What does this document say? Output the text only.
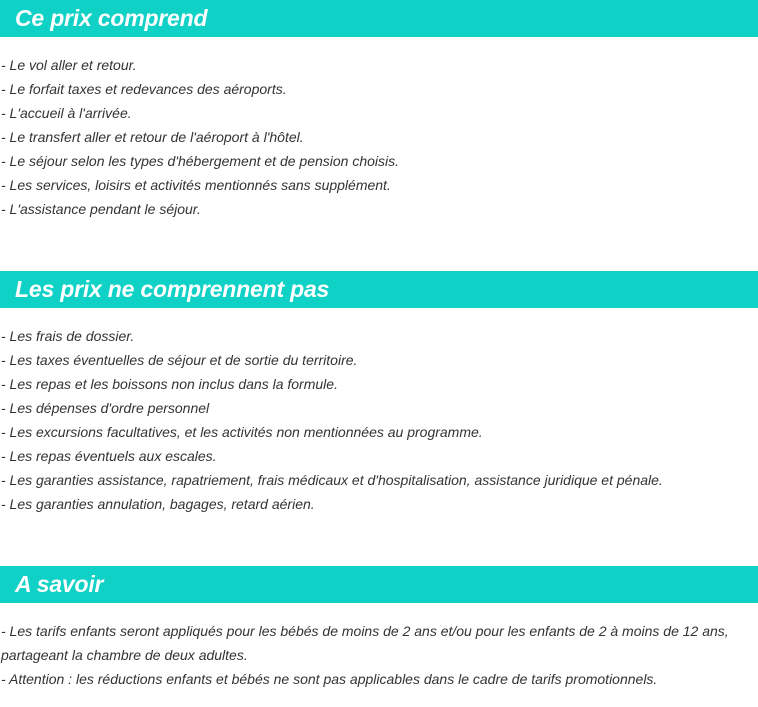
Ce prix comprend
- Le vol aller et retour.
- Le forfait taxes et redevances des aéroports.
- L'accueil à l'arrivée.
- Le transfert aller et retour de l'aéroport à l'hôtel.
- Le séjour selon les types d'hébergement et de pension choisis.
- Les services, loisirs et activités mentionnés sans supplément.
- L'assistance pendant le séjour.
Les prix ne comprennent pas
- Les frais de dossier.
- Les taxes éventuelles de séjour et de sortie du territoire.
- Les repas et les boissons non inclus dans la formule.
- Les dépenses d'ordre personnel
- Les excursions facultatives, et les activités non mentionnées au programme.
- Les repas éventuels aux escales.
- Les garanties assistance, rapatriement, frais médicaux et d'hospitalisation, assistance juridique et pénale.
- Les garanties annulation, bagages, retard aérien.
A savoir
- Les tarifs enfants seront appliqués pour les bébés de moins de 2 ans et/ou pour les enfants de 2 à moins de 12 ans, partageant la chambre de deux adultes.
- Attention : les réductions enfants et bébés ne sont pas applicables dans le cadre de tarifs promotionnels.
